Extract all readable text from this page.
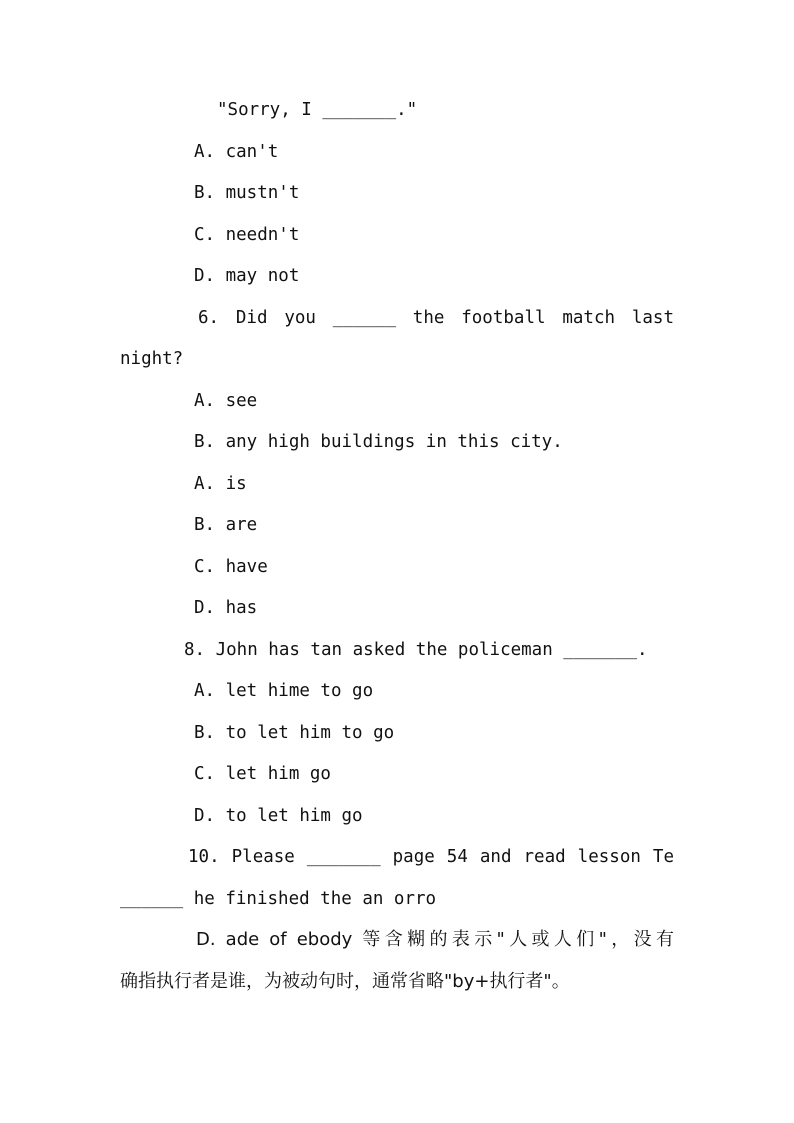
"Sorry, I _______."
A. can't
B. mustn't
C. needn't
D. may not
6. Did you ______ the football match last
night?
A. see
B. any high buildings in this city.
A. is
B. are
C. have
D. has
8. John has tan asked the policeman _______.
A. let hime to go
B. to let him to go
C. let him go
D. to let him go
10. Please _______ page 54 and read lesson Te
______ he finished the an orro
D. ade of ebody 等含糊的表示"人或人们"，没有
确指执行者是谁，为被动句时，通常省略"by+执行者"。
